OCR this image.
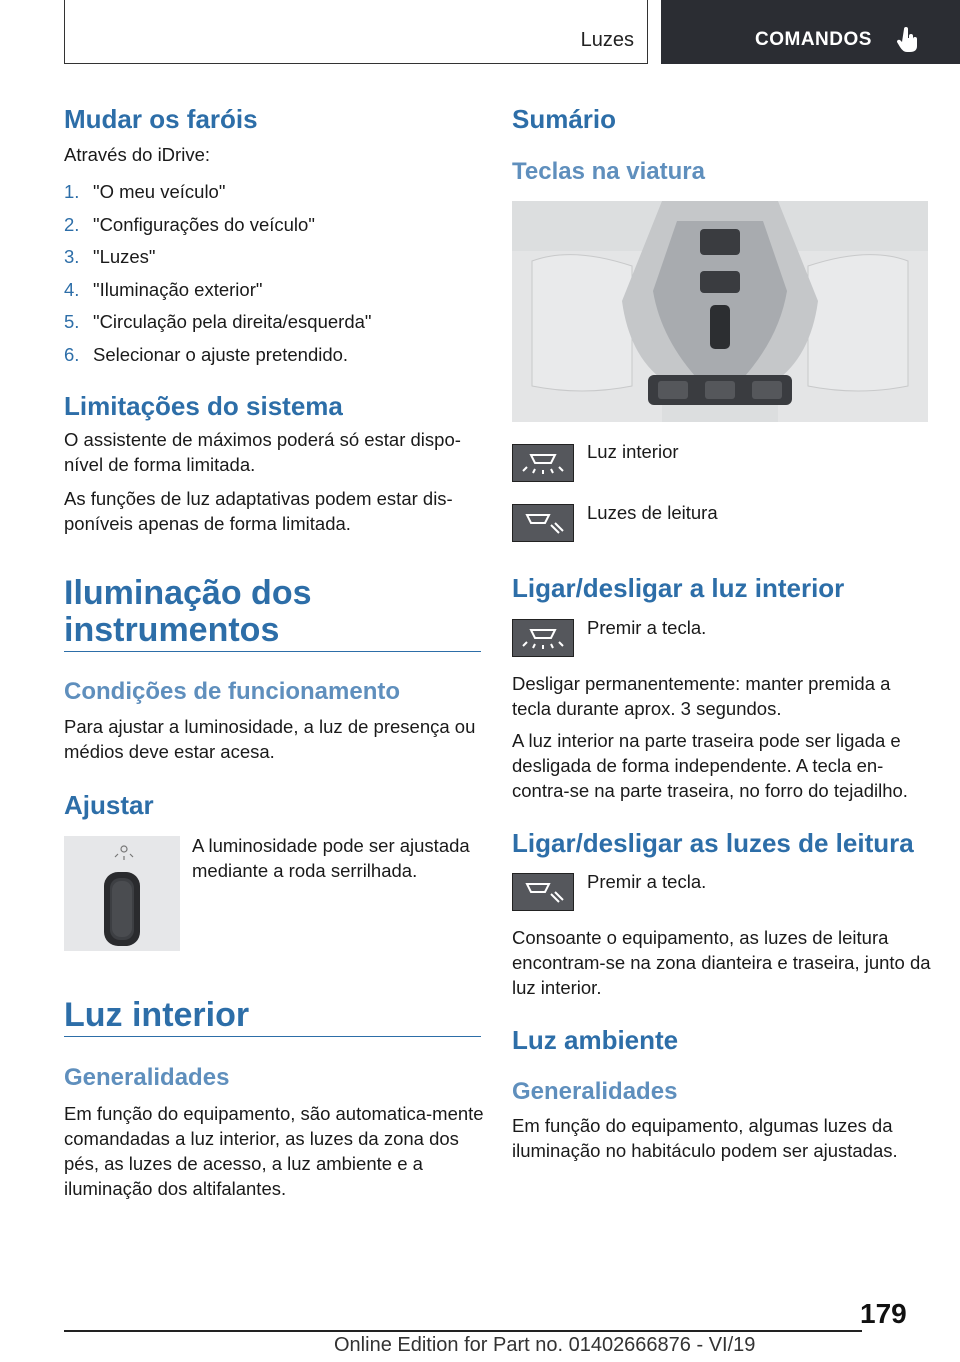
Luzes	COMANDOS
Mudar os faróis
Através do iDrive:
1. "O meu veículo"
2. "Configurações do veículo"
3. "Luzes"
4. "Iluminação exterior"
5. "Circulação pela direita/esquerda"
6. Selecionar o ajuste pretendido.
Limitações do sistema
O assistente de máximos poderá só estar dispo-nível de forma limitada.
As funções de luz adaptativas podem estar dis-poníveis apenas de forma limitada.
Iluminação dos
instrumentos
Condições de funcionamento
Para ajustar a luminosidade, a luz de presença ou médios deve estar acesa.
Ajustar
A luminosidade pode ser ajustada mediante a roda serrilhada.
Luz interior
Generalidades
Em função do equipamento, são automatica-mente comandadas a luz interior, as luzes da zona dos pés, as luzes de acesso, a luz ambiente e a iluminação dos altifalantes.
Sumário
Teclas na viatura
Luz interior
Luzes de leitura
Ligar/desligar a luz interior
Premir a tecla.
Desligar permanentemente: manter premida a tecla durante aprox. 3 segundos.
A luz interior na parte traseira pode ser ligada e desligada de forma independente. A tecla en-contra-se na parte traseira, no forro do tejadilho.
Ligar/desligar as luzes de leitura
Premir a tecla.
Consoante o equipamento, as luzes de leitura encontram-se na zona dianteira e traseira, junto da luz interior.
Luz ambiente
Generalidades
Em função do equipamento, algumas luzes da iluminação no habitáculo podem ser ajustadas.
179
Online Edition for Part no. 01402666876 - VI/19
